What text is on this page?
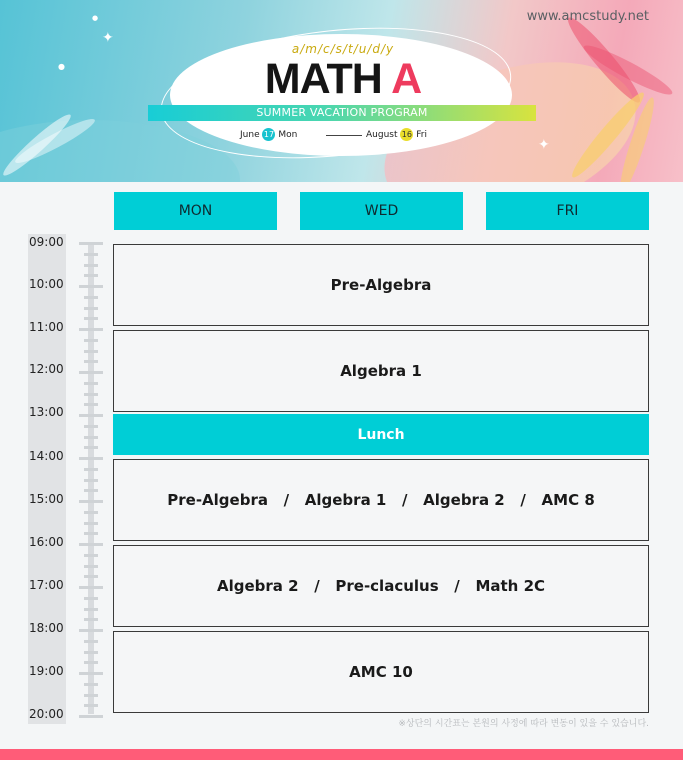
✦
✦
●
●	www.amcstudy.net
a/m/c/s/t/u/d/y
MATH A
SUMMER VACATION PROGRAM
June 17 Mon	August 16 Fri
MON	WED	FRI
09:00
10:00
11:00
12:00
13:00
14:00
15:00
16:00
17:00
18:00
19:00
20:00
Pre-Algebra
Algebra 1
Lunch
Pre-Algebra   /   Algebra 1   /   Algebra 2   /   AMC 8
Algebra 2   /   Pre-claculus   /   Math 2C
AMC 10
※상단의 시간표는 본원의 사정에 따라 변동이 있을 수 있습니다.
